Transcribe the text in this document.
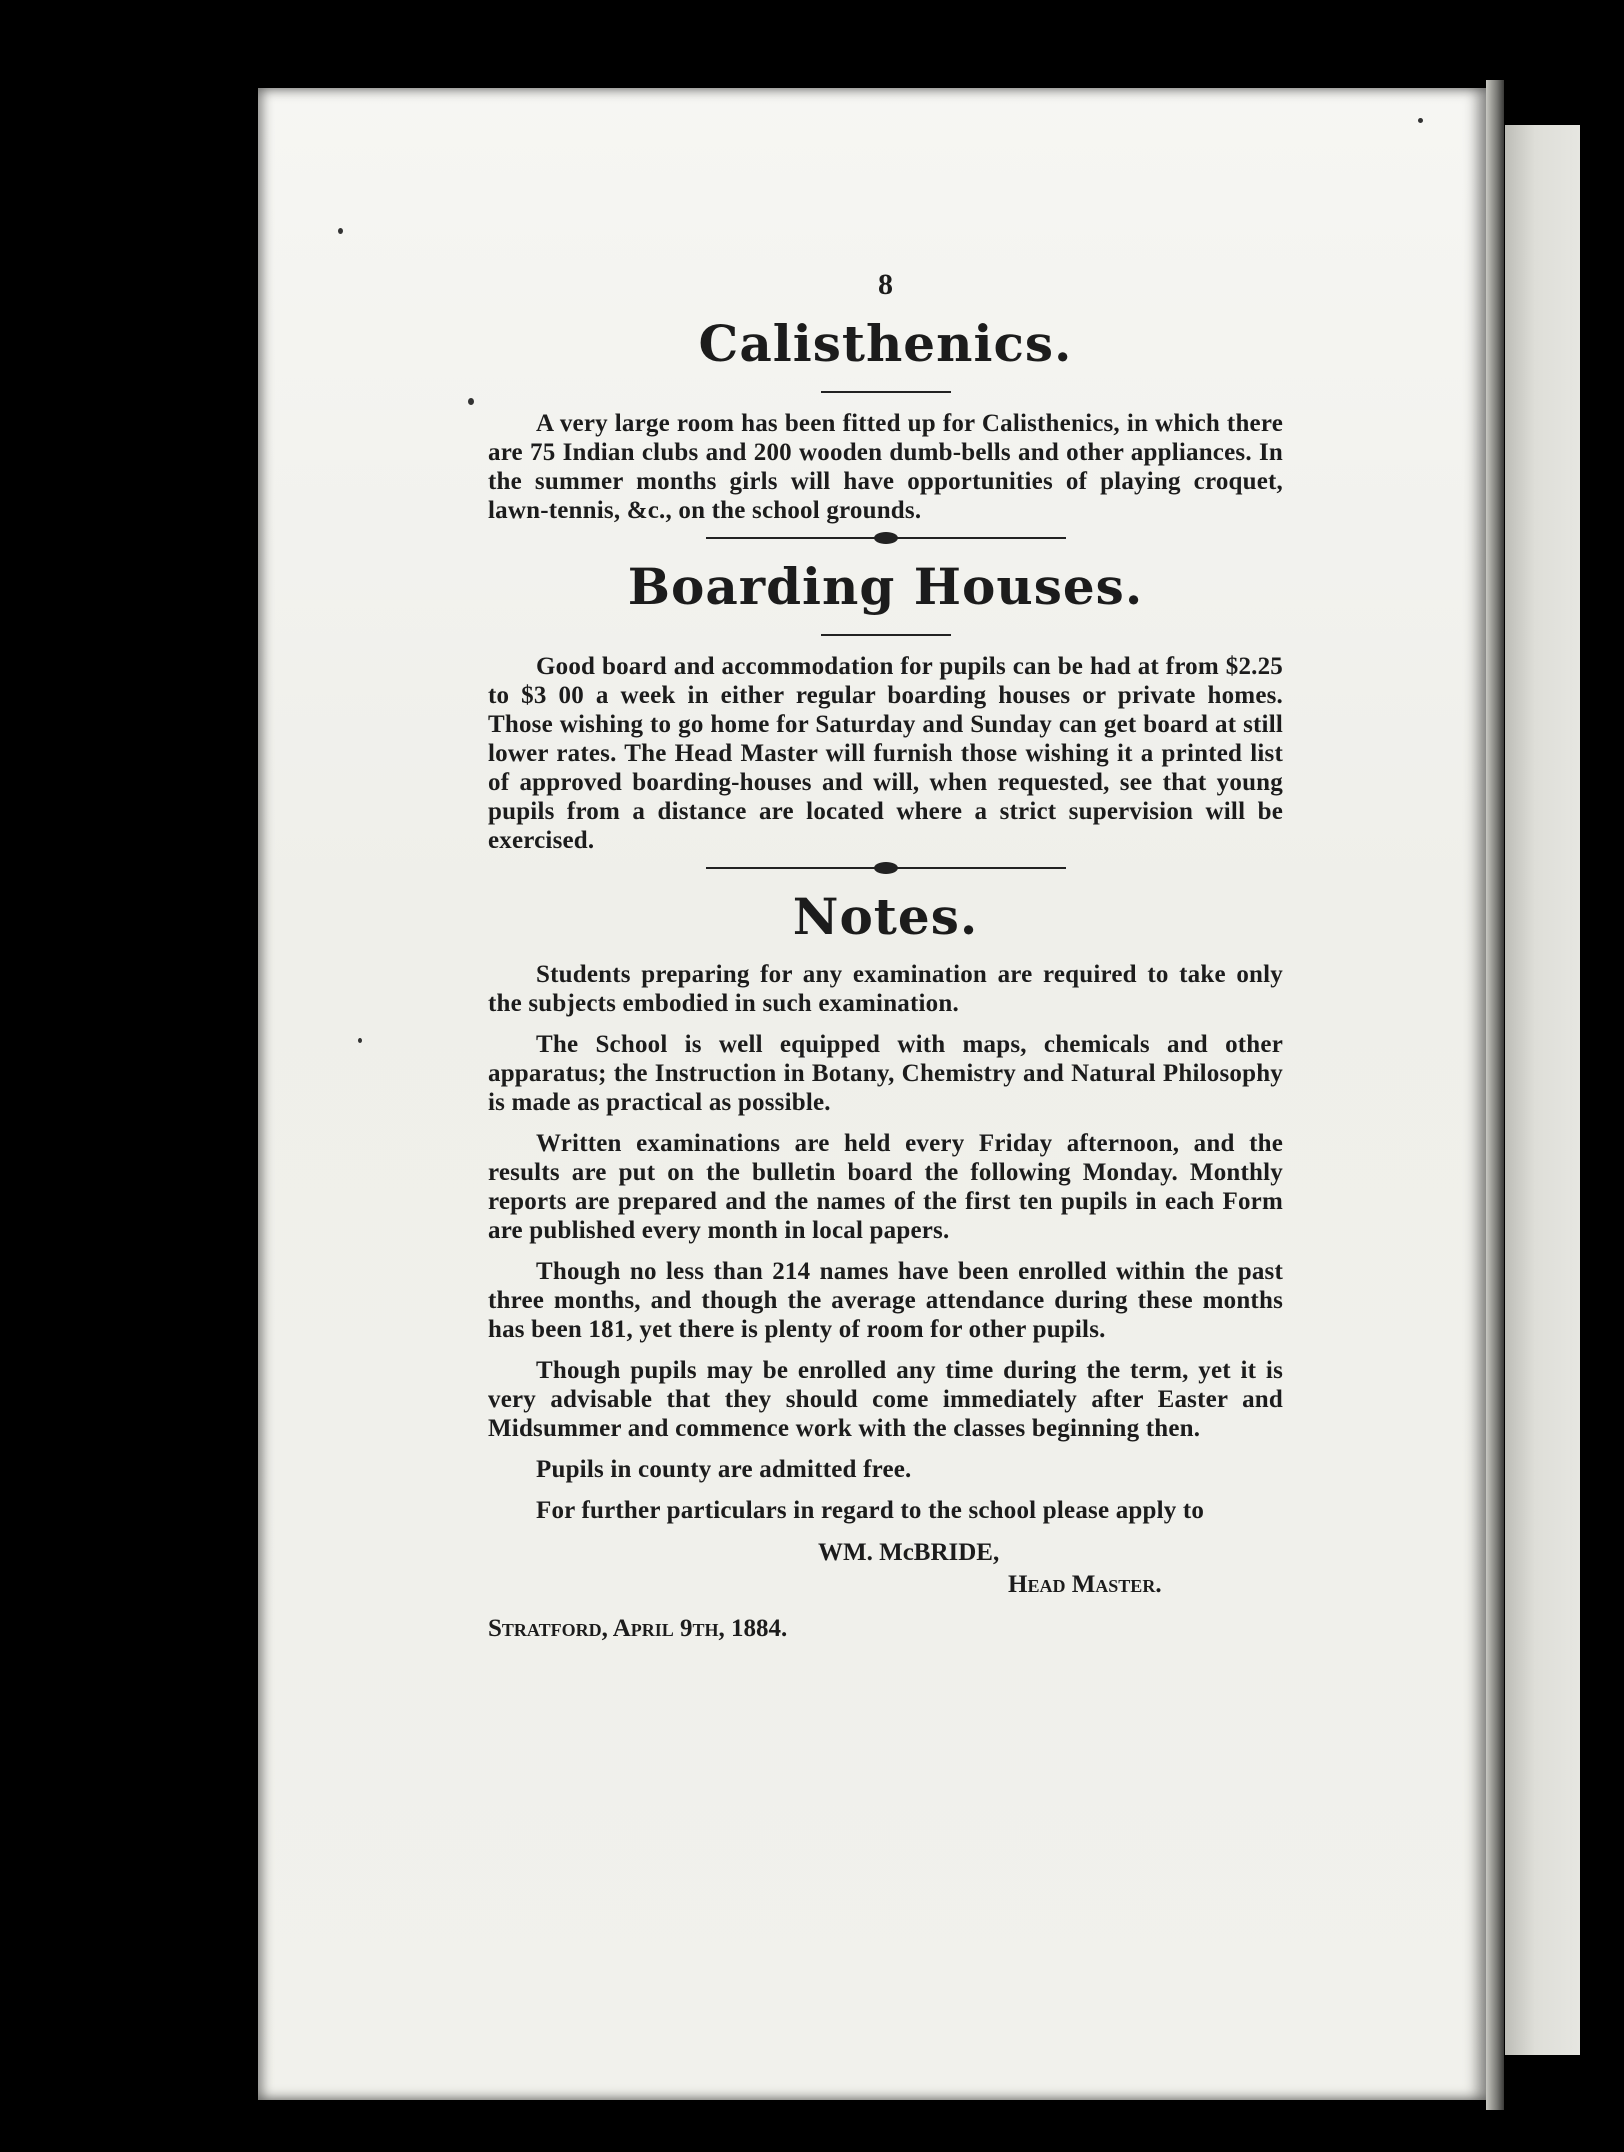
8
Calisthenics.

A very large room has been fitted up for Calisthenics, in which there are 75 Indian clubs and 200 wooden dumb-bells and other appliances. In the summer months girls will have opportunities of playing croquet, lawn-tennis, &c., on the school grounds.

Boarding Houses.

Good board and accommodation for pupils can be had at from $2.25 to $3 00 a week in either regular boarding houses or private homes. Those wishing to go home for Saturday and Sunday can get board at still lower rates. The Head Master will furnish those wishing it a printed list of approved boarding-houses and will, when requested, see that young pupils from a distance are located where a strict supervision will be exercised.

Notes.

Students preparing for any examination are required to take only the subjects embodied in such examination.

The School is well equipped with maps, chemicals and other apparatus; the Instruction in Botany, Chemistry and Natural Philosophy is made as practical as possible.

Written examinations are held every Friday afternoon, and the results are put on the bulletin board the following Monday. Monthly reports are prepared and the names of the first ten pupils in each Form are published every month in local papers.

Though no less than 214 names have been enrolled within the past three months, and though the average attendance during these months has been 181, yet there is plenty of room for other pupils.

Though pupils may be enrolled any time during the term, yet it is very advisable that they should come immediately after Easter and Midsummer and commence work with the classes beginning then.

Pupils in county are admitted free.

For further particulars in regard to the school please apply to

WM. McBRIDE,
Head Master.
Stratford, April 9th, 1884.
